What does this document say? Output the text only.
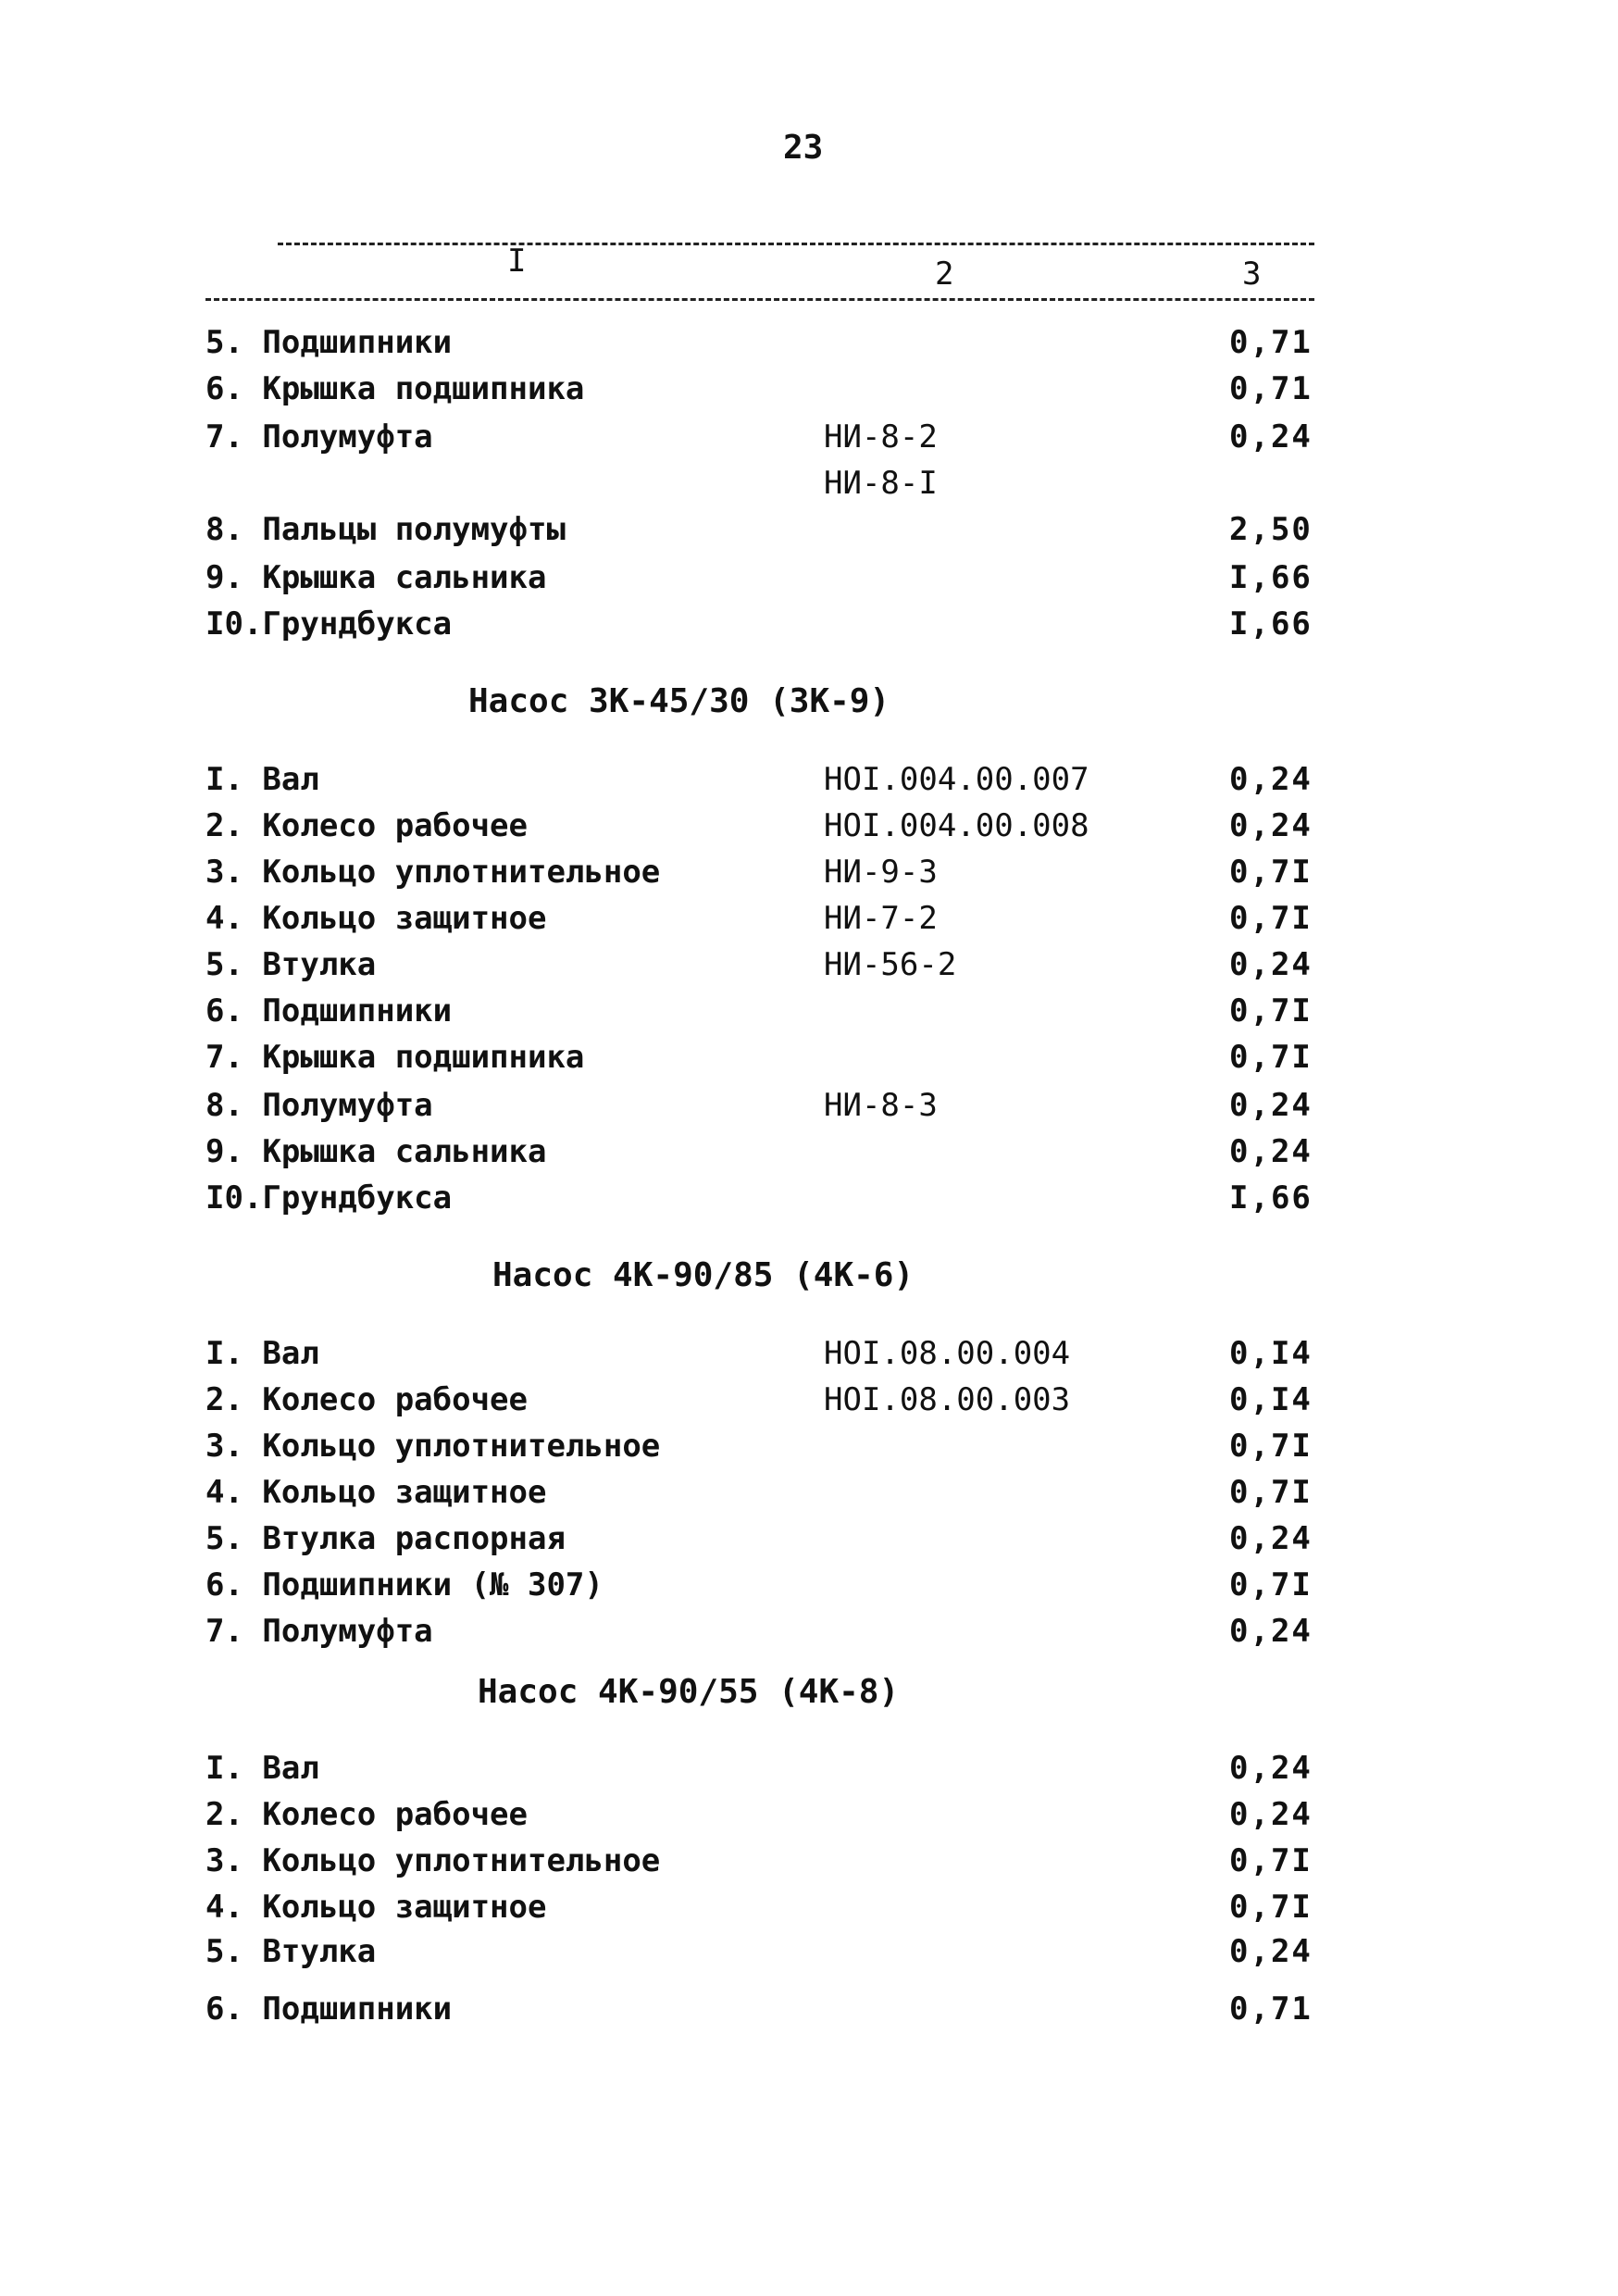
23
I	2	3
5. Подшипники	0,71
6. Крышка подшипника	0,71
7. Полумуфта	НИ-8-2	0,24
НИ-8-I
8. Пальцы полумуфты	2,50
9. Крышка сальника	I,66
I0.Грундбукса	I,66
Насос 3К-45/30 (3К-9)
I. Вал	НОI.004.00.007	0,24
2. Колесо рабочее	НОI.004.00.008	0,24
3. Кольцо уплотнительное	НИ-9-3	0,7I
4. Кольцо защитное	НИ-7-2	0,7I
5. Втулка	НИ-56-2	0,24
6. Подшипники	0,7I
7. Крышка подшипника	0,7I
8. Полумуфта	НИ-8-3	0,24
9. Крышка сальника	0,24
I0.Грундбукса	I,66
Насос 4К-90/85 (4К-6)
I. Вал	НОI.08.00.004	0,I4
2. Колесо рабочее	НОI.08.00.003	0,I4
3. Кольцо уплотнительное	0,7I
4. Кольцо защитное	0,7I
5. Втулка распорная	0,24
6. Подшипники (№ 307)	0,7I
7. Полумуфта	0,24
Насос 4К-90/55 (4К-8)
I. Вал	0,24
2. Колесо рабочее	0,24
3. Кольцо уплотнительное	0,7I
4. Кольцо защитное	0,7I
5. Втулка	0,24
6. Подшипники	0,71
